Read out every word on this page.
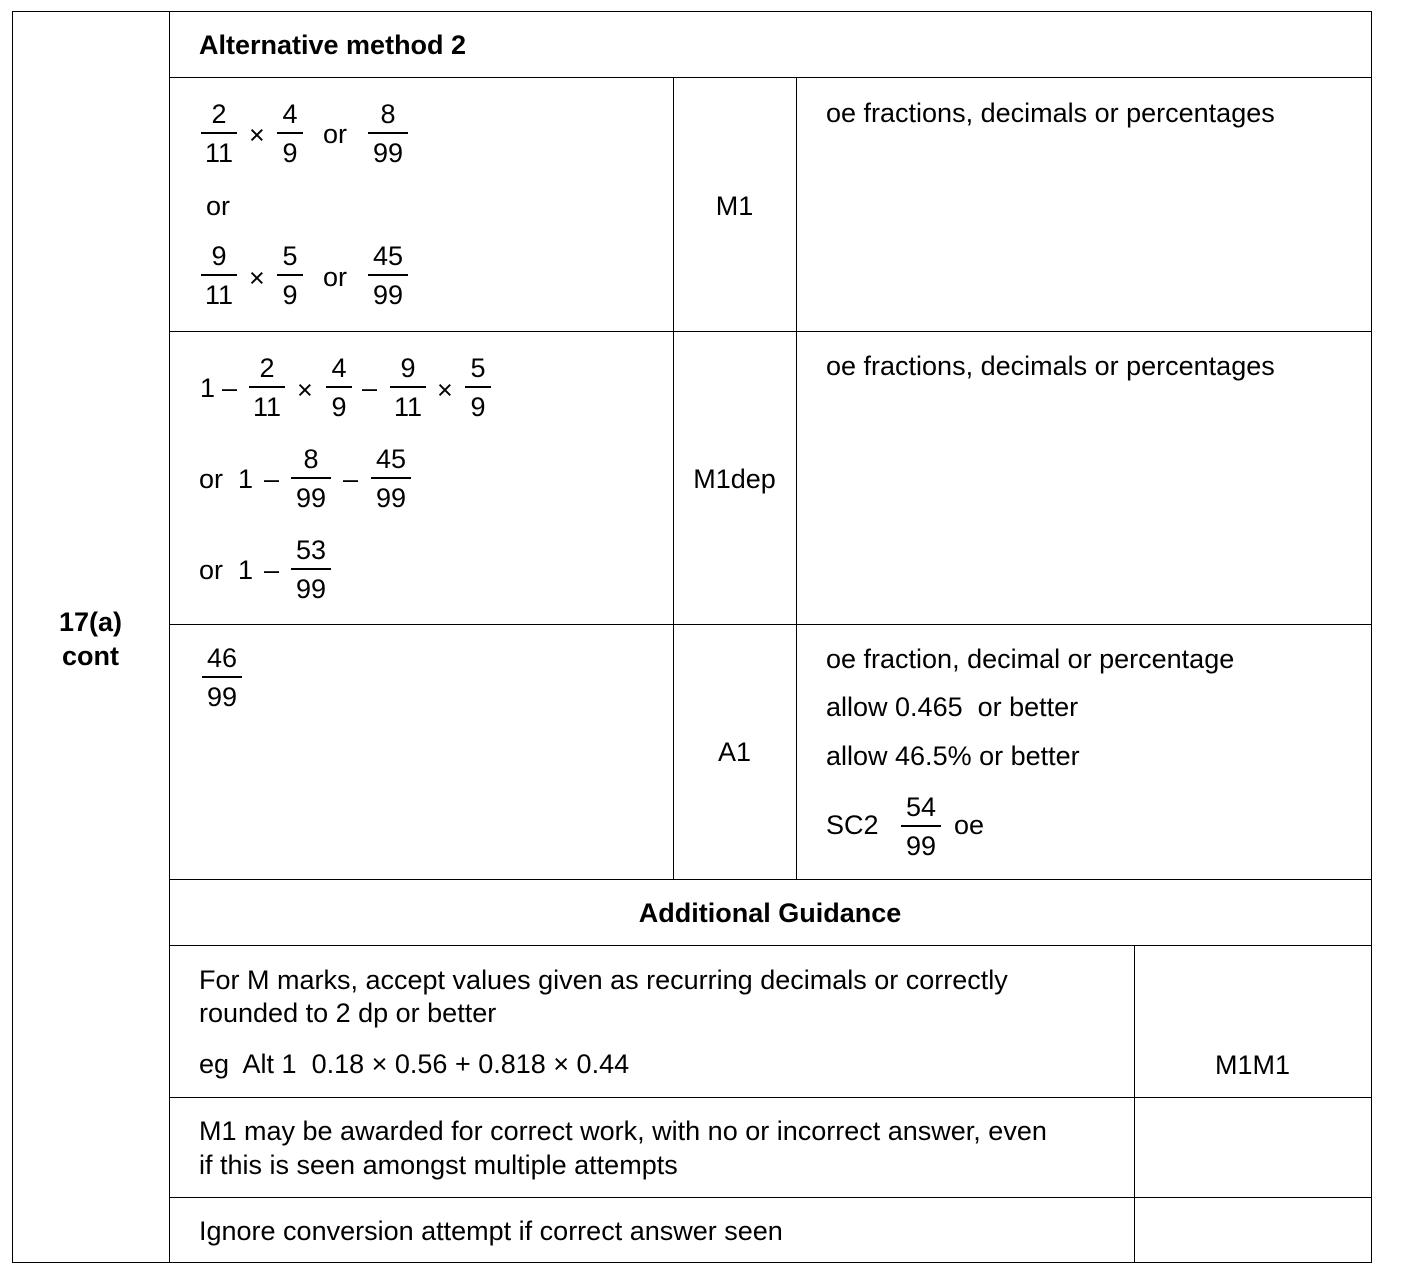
17(a)
cont
Alternative method 2
2
11
×
4
9
or
8
99
or
9
11
×
5
9
or
45
99
M1
oe fractions, decimals or percentages
1 –
2
11
×
4
9
–
9
11
×
5
9
or  1 –
8
99
–
45
99
or  1 –
53
99
M1dep
oe fractions, decimals or percentages
46
99
A1
oe fraction, decimal or percentage
allow 0.465  or better
allow 46.5% or better
SC2
54
99
oe
Additional Guidance
For M marks, accept values given as recurring decimals or correctly
rounded to 2 dp or better
eg  Alt 1  0.18 × 0.56 + 0.818 × 0.44	M1M1
M1 may be awarded for correct work, with no or incorrect answer, even
if this is seen amongst multiple attempts
Ignore conversion attempt if correct answer seen
